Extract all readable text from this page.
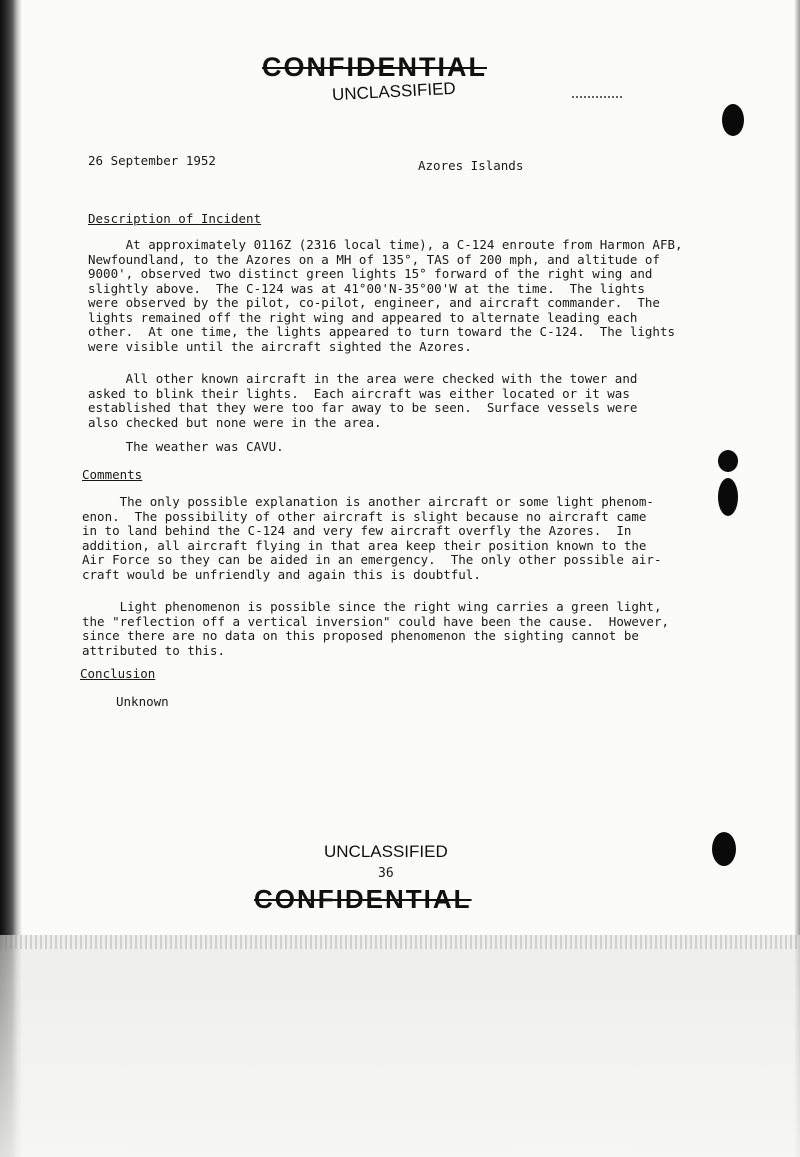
CONFIDENTIAL
UNCLASSIFIED
26 September 1952	Azores Islands
Description of Incident
At approximately 0116Z (2316 local time), a C-124 enroute from Harmon AFB,
Newfoundland, to the Azores on a MH of 135°, TAS of 200 mph, and altitude of
9000', observed two distinct green lights 15° forward of the right wing and
slightly above.  The C-124 was at 41°00'N-35°00'W at the time.  The lights
were observed by the pilot, co-pilot, engineer, and aircraft commander.  The
lights remained off the right wing and appeared to alternate leading each
other.  At one time, the lights appeared to turn toward the C-124.  The lights
were visible until the aircraft sighted the Azores.
All other known aircraft in the area were checked with the tower and
asked to blink their lights.  Each aircraft was either located or it was
established that they were too far away to be seen.  Surface vessels were
also checked but none were in the area.
The weather was CAVU.
Comments
The only possible explanation is another aircraft or some light phenom-
enon.  The possibility of other aircraft is slight because no aircraft came
in to land behind the C-124 and very few aircraft overfly the Azores.  In
addition, all aircraft flying in that area keep their position known to the
Air Force so they can be aided in an emergency.  The only other possible air-
craft would be unfriendly and again this is doubtful.
Light phenomenon is possible since the right wing carries a green light,
the "reflection off a vertical inversion" could have been the cause.  However,
since there are no data on this proposed phenomenon the sighting cannot be
attributed to this.
Conclusion
Unknown
UNCLASSIFIED
36
CONFIDENTIAL
